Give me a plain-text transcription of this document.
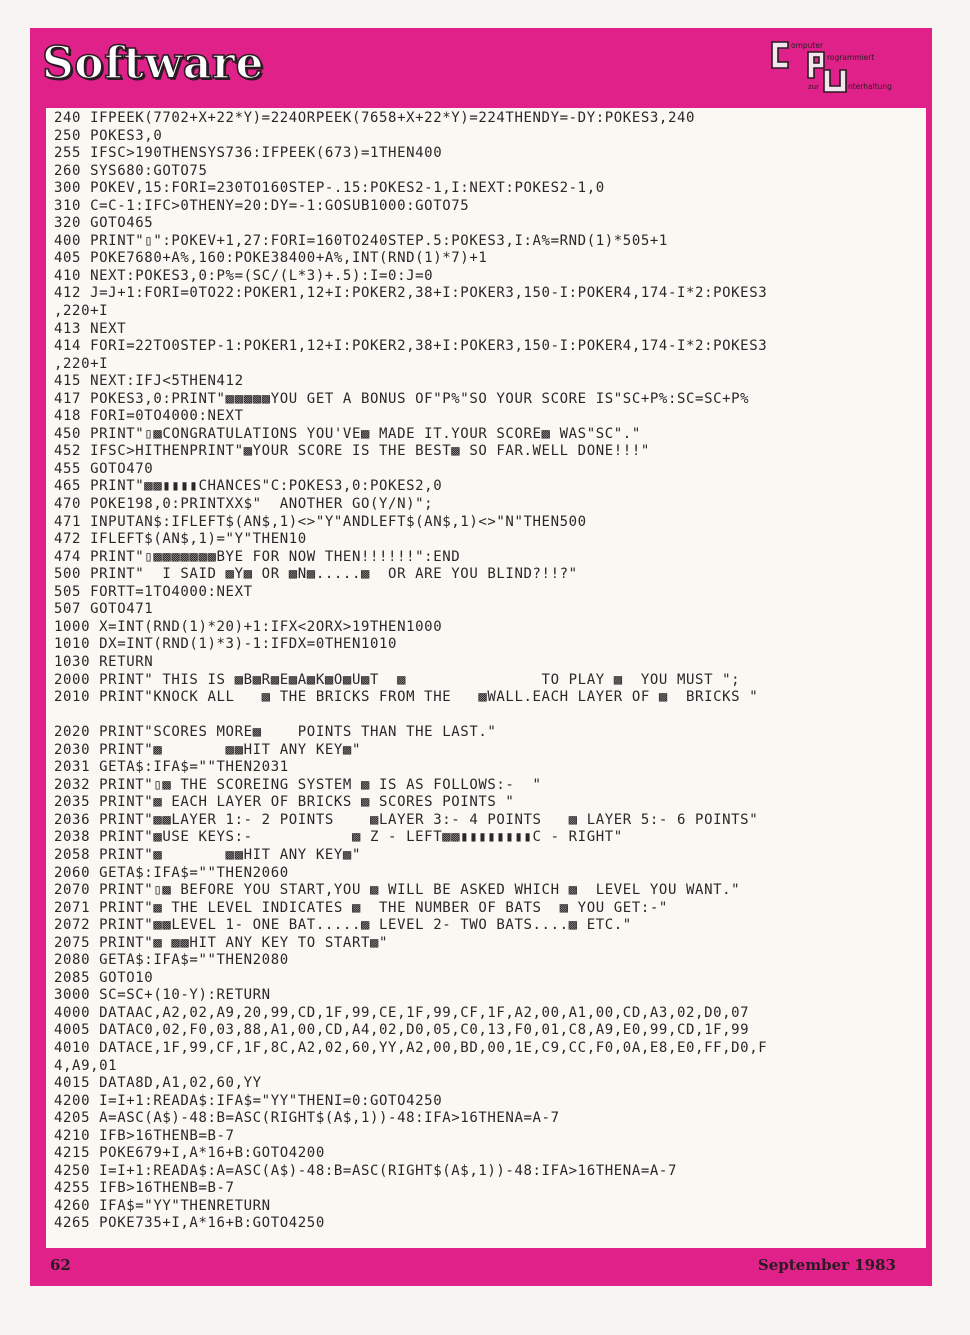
Software	omputer
rogrammiert
zur	nterhaltung
240 IFPEEK(7702+X+22*Y)=224ORPEEK(7658+X+22*Y)=224THENDY=-DY:POKES3,240
250 POKES3,0
255 IFSC>190THENSYS736:IFPEEK(673)=1THEN400
260 SYS680:GOTO75
300 POKEV,15:FORI=230TO160STEP-.15:POKES2-1,I:NEXT:POKES2-1,0
310 C=C-1:IFC>0THENY=20:DY=-1:GOSUB1000:GOTO75
320 GOTO465
400 PRINT"▯":POKEV+1,27:FORI=160TO240STEP.5:POKES3,I:A%=RND(1)*505+1
405 POKE7680+A%,160:POKE38400+A%,INT(RND(1)*7)+1
410 NEXT:POKES3,0:P%=(SC/(L*3)+.5):I=0:J=0
412 J=J+1:FORI=0TO22:POKER1,12+I:POKER2,38+I:POKER3,150-I:POKER4,174-I*2:POKES3
,220+I
413 NEXT
414 FORI=22TO0STEP-1:POKER1,12+I:POKER2,38+I:POKER3,150-I:POKER4,174-I*2:POKES3
,220+I
415 NEXT:IFJ<5THEN412
417 POKES3,0:PRINT"▩▩▩▩▩YOU GET A BONUS OF"P%"SO YOUR SCORE IS"SC+P%:SC=SC+P%
418 FORI=0TO4000:NEXT
450 PRINT"▯▩CONGRATULATIONS YOU'VE▩ MADE IT.YOUR SCORE▩ WAS"SC"."
452 IFSC>HITHENPRINT"▩YOUR SCORE IS THE BEST▩ SO FAR.WELL DONE!!!"
455 GOTO470
465 PRINT"▩▩▮▮▮▮CHANCES"C:POKES3,0:POKES2,0
470 POKE198,0:PRINTXX$"  ANOTHER GO(Y/N)";
471 INPUTAN$:IFLEFT$(AN$,1)<>"Y"ANDLEFT$(AN$,1)<>"N"THEN500
472 IFLEFT$(AN$,1)="Y"THEN10
474 PRINT"▯▩▩▩▩▩▩▩BYE FOR NOW THEN!!!!!!":END
500 PRINT"  I SAID ▩Y▩ OR ▩N▩.....▩  OR ARE YOU BLIND?!!?"
505 FORTT=1TO4000:NEXT
507 GOTO471
1000 X=INT(RND(1)*20)+1:IFX<2ORX>19THEN1000
1010 DX=INT(RND(1)*3)-1:IFDX=0THEN1010
1030 RETURN
2000 PRINT" THIS IS ▩B▩R▩E▩A▩K▩O▩U▩T  ▩               TO PLAY ▩  YOU MUST ";
2010 PRINT"KNOCK ALL   ▩ THE BRICKS FROM THE   ▩WALL.EACH LAYER OF ▩  BRICKS "
2020 PRINT"SCORES MORE▩    POINTS THAN THE LAST."
2030 PRINT"▩       ▩▩HIT ANY KEY▩"
2031 GETA$:IFA$=""THEN2031
2032 PRINT"▯▩ THE SCOREING SYSTEM ▩ IS AS FOLLOWS:-  "
2035 PRINT"▩ EACH LAYER OF BRICKS ▩ SCORES POINTS "
2036 PRINT"▩▩LAYER 1:- 2 POINTS    ▩LAYER 3:- 4 POINTS   ▩ LAYER 5:- 6 POINTS"
2038 PRINT"▩USE KEYS:-           ▩ Z - LEFT▩▩▮▮▮▮▮▮▮▮C - RIGHT"
2058 PRINT"▩       ▩▩HIT ANY KEY▩"
2060 GETA$:IFA$=""THEN2060
2070 PRINT"▯▩ BEFORE YOU START,YOU ▩ WILL BE ASKED WHICH ▩  LEVEL YOU WANT."
2071 PRINT"▩ THE LEVEL INDICATES ▩  THE NUMBER OF BATS  ▩ YOU GET:-"
2072 PRINT"▩▩LEVEL 1- ONE BAT.....▩ LEVEL 2- TWO BATS....▩ ETC."
2075 PRINT"▩ ▩▩HIT ANY KEY TO START▩"
2080 GETA$:IFA$=""THEN2080
2085 GOTO10
3000 SC=SC+(10-Y):RETURN
4000 DATAAC,A2,02,A9,20,99,CD,1F,99,CE,1F,99,CF,1F,A2,00,A1,00,CD,A3,02,D0,07
4005 DATAC0,02,F0,03,88,A1,00,CD,A4,02,D0,05,C0,13,F0,01,C8,A9,E0,99,CD,1F,99
4010 DATACE,1F,99,CF,1F,8C,A2,02,60,YY,A2,00,BD,00,1E,C9,CC,F0,0A,E8,E0,FF,D0,F
4,A9,01
4015 DATA8D,A1,02,60,YY
4200 I=I+1:READA$:IFA$="YY"THENI=0:GOTO4250
4205 A=ASC(A$)-48:B=ASC(RIGHT$(A$,1))-48:IFA>16THENA=A-7
4210 IFB>16THENB=B-7
4215 POKE679+I,A*16+B:GOTO4200
4250 I=I+1:READA$:A=ASC(A$)-48:B=ASC(RIGHT$(A$,1))-48:IFA>16THENA=A-7
4255 IFB>16THENB=B-7
4260 IFA$="YY"THENRETURN
4265 POKE735+I,A*16+B:GOTO4250
62	September 1983
